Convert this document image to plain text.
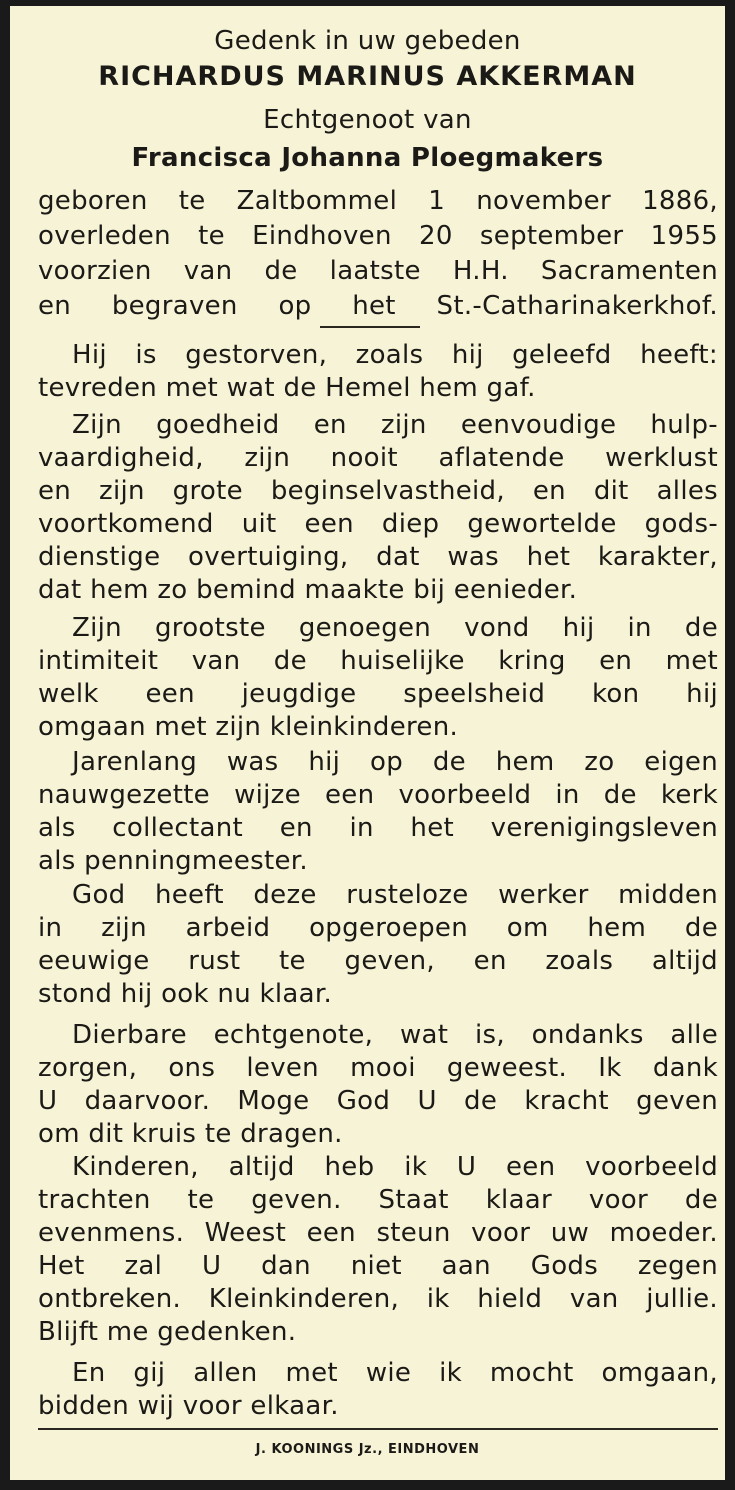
Gedenk in uw gebeden
RICHARDUS MARINUS AKKERMAN
Echtgenoot van
Francisca Johanna Ploegmakers
geboren te Zaltbommel 1 november 1886,
overleden te Eindhoven 20 september 1955
voorzien van de laatste H.H. Sacramenten
en begraven op het St.-Catharinakerkhof.
Hij is gestorven, zoals hij geleefd heeft:
tevreden met wat de Hemel hem gaf.
Zijn goedheid en zijn eenvoudige hulp-
vaardigheid, zijn nooit aflatende werklust
en zijn grote beginselvastheid, en dit alles
voortkomend uit een diep gewortelde gods-
dienstige overtuiging, dat was het karakter,
dat hem zo bemind maakte bij eenieder.
Zijn grootste genoegen vond hij in de
intimiteit van de huiselijke kring en met
welk een jeugdige speelsheid kon hij
omgaan met zijn kleinkinderen.
Jarenlang was hij op de hem zo eigen
nauwgezette wijze een voorbeeld in de kerk
als collectant en in het verenigingsleven
als penningmeester.
God heeft deze rusteloze werker midden
in zijn arbeid opgeroepen om hem de
eeuwige rust te geven, en zoals altijd
stond hij ook nu klaar.
Dierbare echtgenote, wat is, ondanks alle
zorgen, ons leven mooi geweest. Ik dank
U daarvoor. Moge God U de kracht geven
om dit kruis te dragen.
Kinderen, altijd heb ik U een voorbeeld
trachten te geven. Staat klaar voor de
evenmens. Weest een steun voor uw moeder.
Het zal U dan niet aan Gods zegen
ontbreken. Kleinkinderen, ik hield van jullie.
Blijft me gedenken.
En gij allen met wie ik mocht omgaan,
bidden wij voor elkaar.
J. KOONINGS Jz., EINDHOVEN
